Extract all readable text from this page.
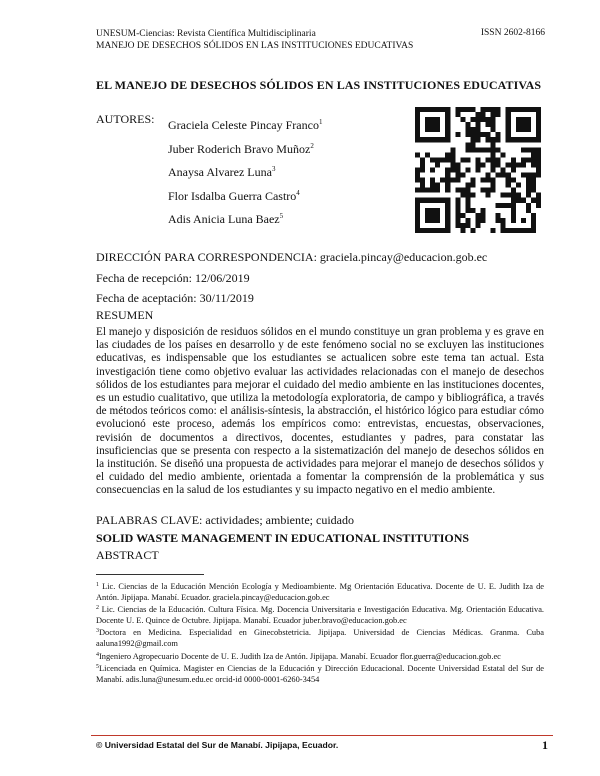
UNESUM-Ciencias: Revista Científica Multidisciplinaria
MANEJO DE DESECHOS SÓLIDOS EN LAS INSTITUCIONES EDUCATIVAS
ISSN 2602-8166
EL MANEJO DE DESECHOS SÓLIDOS EN LAS INSTITUCIONES EDUCATIVAS
AUTORES: Graciela Celeste Pincay Franco$^1$
Juber Roderich Bravo Muñoz$^2$
Anaysa Alvarez Luna$^3$
Flor Isdalba Guerra Castro$^4$
Adis Anicia Luna Baez$^5$
DIRECCIÓN PARA CORRESPONDENCIA: graciela.pincay@educacion.gob.ec
Fecha de recepción: 12/06/2019
Fecha de aceptación: 30/11/2019
RESUMEN
El manejo y disposición de residuos sólidos en el mundo constituye un gran problema y es grave en las ciudades de los países en desarrollo y de este fenómeno social no se excluyen las instituciones educativas, es indispensable que los estudiantes se actualicen sobre este tema tan actual. Esta investigación tiene como objetivo evaluar las actividades relacionadas con el manejo de desechos sólidos de los estudiantes para mejorar el cuidado del medio ambiente en las instituciones docentes, es un estudio cualitativo, que utiliza la metodología exploratoria, de campo y bibliográfica, a través de métodos teóricos como: el análisis-síntesis, la abstracción, el histórico lógico para estudiar cómo evolucionó este proceso, además los empíricos como: entrevistas, encuestas, observaciones, revisión de documentos a directivos, docentes, estudiantes y padres, para constatar las insuficiencias que se presenta con respecto a la sistematización del manejo de desechos sólidos en la institución. Se diseñó una propuesta de actividades para mejorar el manejo de desechos sólidos y el cuidado del medio ambiente, orientada a fomentar la comprensión de la problemática y sus consecuencias en la salud de los estudiantes y su impacto negativo en el medio ambiente.
PALABRAS CLAVE: actividades; ambiente; cuidado
SOLID WASTE MANAGEMENT IN EDUCATIONAL INSTITUTIONS
ABSTRACT

$^1$ Lic. Ciencias de la Educación Mención Ecología y Medioambiente. Mg Orientación Educativa. Docente de U. E. Judith Iza de Antón. Jipijapa. Manabí. Ecuador. graciela.pincay@educacion.gob.ec

$^2$ Lic. Ciencias de la Educación. Cultura Física. Mg. Docencia Universitaria e Investigación Educativa. Mg. Orientación Educativa. Docente U. E. Quince de Octubre. Jipijapa. Manabí. Ecuador juber.bravo@educacion.gob.ec

$^3$Doctora en Medicina. Especialidad en Ginecobstetricia. Jipijapa. Universidad de Ciencias Médicas. Granma. Cuba aaluna1992@gmail.com

$^4$Ingeniero Agropecuario Docente de U. E. Judith Iza de Antón. Jipijapa. Manabí. Ecuador flor.guerra@educacion.gob.ec

$^5$Licenciada en Química. Magister en Ciencias de la Educación y Dirección Educacional. Docente Universidad Estatal del Sur de Manabí. adis.luna@unesum.edu.ec orcid-id 0000-0001-6260-3454

© Universidad Estatal del Sur de Manabí. Jipijapa, Ecuador.	1
